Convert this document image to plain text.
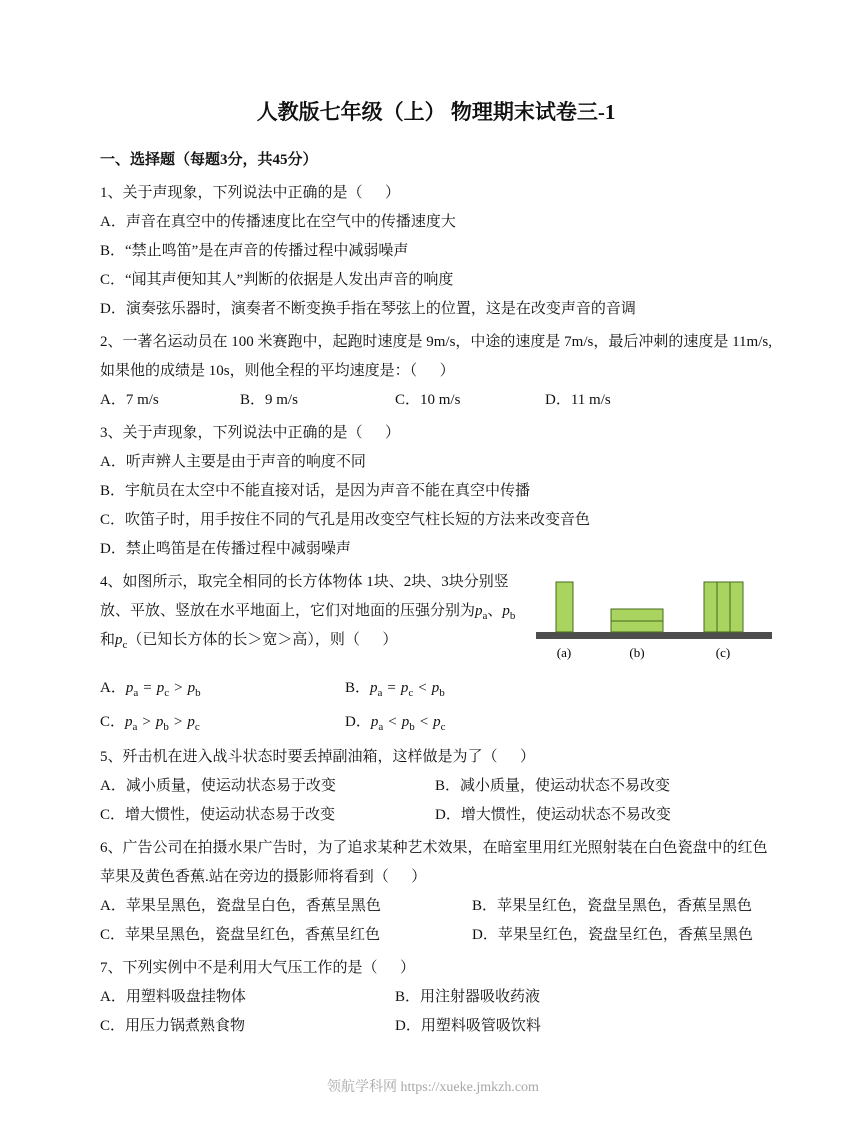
人教版七年级（上） 物理期末试卷三-1
一、选择题（每题3分，共45分）
1、关于声现象，下列说法中正确的是（      ）
A．声音在真空中的传播速度比在空气中的传播速度大
B．“禁止鸣笛”是在声音的传播过程中减弱噪声
C．“闻其声便知其人”判断的依据是人发出声音的响度
D．演奏弦乐器时，演奏者不断变换手指在琴弦上的位置，这是在改变声音的音调
2、一著名运动员在 100 米赛跑中，起跑时速度是 9m/s，中途的速度是 7m/s，最后冲刺的速度是 11m/s,
如果他的成绩是 10s，则他全程的平均速度是：（      ）
A．7 m/s	B．9 m/s	C．10 m/s	D．11 m/s
3、关于声现象，下列说法中正确的是（      ）
A．听声辨人主要是由于声音的响度不同
B．宇航员在太空中不能直接对话，是因为声音不能在真空中传播
C．吹笛子时，用手按住不同的气孔是用改变空气柱长短的方法来改变音色
D．禁止鸣笛是在传播过程中减弱噪声
4、如图所示，取完全相同的长方体物体 1块、2块、3块分别竖放、平放、竖放在水平地面上，它们对地面的压强分别为$p_a$、$p_b$ 和$p_c$（已知长方体的长＞宽＞高），则（      ）
(a)	(b)	(c)
A．$p_a = p_c > p_b$	B．$p_a = p_c < p_b$
C．$p_a > p_b > p_c$	D．$p_a < p_b < p_c$
5、歼击机在进入战斗状态时要丢掉副油箱，这样做是为了（      ）
A．减小质量，使运动状态易于改变	B．减小质量，使运动状态不易改变
C．增大惯性，使运动状态易于改变	D．增大惯性，使运动状态不易改变
6、广告公司在拍摄水果广告时，为了追求某种艺术效果，在暗室里用红光照射装在白色瓷盘中的红色
苹果及黄色香蕉.站在旁边的摄影师将看到（      ）
A．苹果呈黑色，瓷盘呈白色，香蕉呈黑色	B．苹果呈红色，瓷盘呈黑色，香蕉呈黑色
C．苹果呈黑色，瓷盘呈红色，香蕉呈红色	D．苹果呈红色，瓷盘呈红色，香蕉呈黑色
7、下列实例中不是利用大气压工作的是（      ）
A．用塑料吸盘挂物体	B．用注射器吸收药液
C．用压力锅煮熟食物	D．用塑料吸管吸饮料
领航学科网 https://xueke.jmkzh.com
